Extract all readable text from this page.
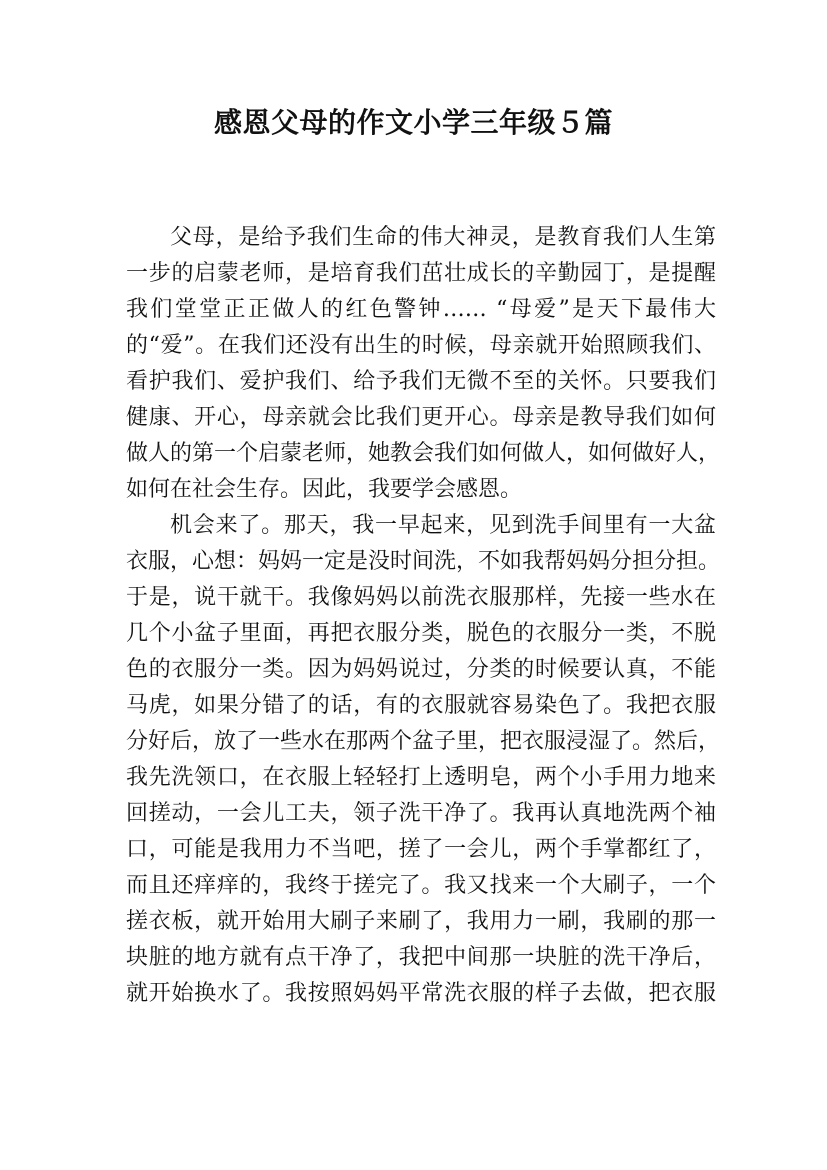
感恩父母的作文小学三年级５篇
父母，是给予我们生命的伟大神灵，是教育我们人生第
一步的启蒙老师，是培育我们茁壮成长的辛勤园丁，是提醒
我们堂堂正正做人的红色警钟…… “母爱”是天下最伟大
的“爱”。在我们还没有出生的时候，母亲就开始照顾我们、
看护我们、爱护我们、给予我们无微不至的关怀。只要我们
健康、开心，母亲就会比我们更开心。母亲是教导我们如何
做人的第一个启蒙老师，她教会我们如何做人，如何做好人，
如何在社会生存。因此，我要学会感恩。
机会来了。那天，我一早起来，见到洗手间里有一大盆
衣服，心想：妈妈一定是没时间洗，不如我帮妈妈分担分担。
于是，说干就干。我像妈妈以前洗衣服那样，先接一些水在
几个小盆子里面，再把衣服分类，脱色的衣服分一类，不脱
色的衣服分一类。因为妈妈说过，分类的时候要认真，不能
马虎，如果分错了的话，有的衣服就容易染色了。我把衣服
分好后，放了一些水在那两个盆子里，把衣服浸湿了。然后，
我先洗领口，在衣服上轻轻打上透明皂，两个小手用力地来
回搓动，一会儿工夫，领子洗干净了。我再认真地洗两个袖
口，可能是我用力不当吧，搓了一会儿，两个手掌都红了，
而且还痒痒的，我终于搓完了。我又找来一个大刷子，一个
搓衣板，就开始用大刷子来刷了，我用力一刷，我刷的那一
块脏的地方就有点干净了，我把中间那一块脏的洗干净后，
就开始换水了。我按照妈妈平常洗衣服的样子去做，把衣服
